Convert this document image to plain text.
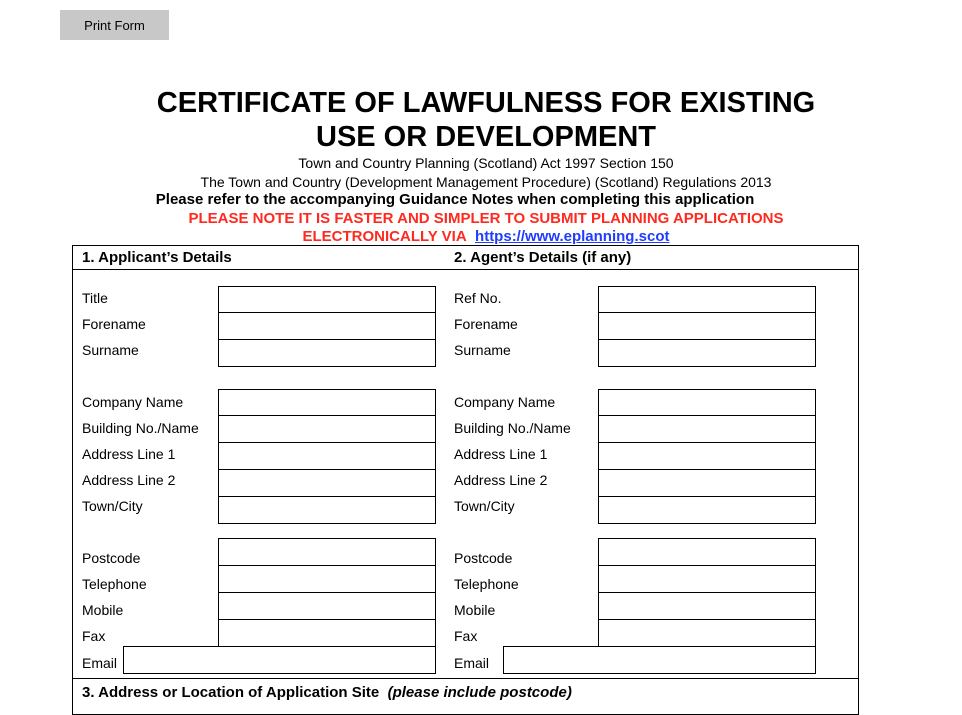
Print Form
CERTIFICATE OF LAWFULNESS FOR EXISTING
USE OR DEVELOPMENT
Town and Country Planning (Scotland) Act 1997 Section 150
The Town and Country (Development Management Procedure) (Scotland) Regulations 2013
Please refer to the accompanying Guidance Notes when completing this application
PLEASE NOTE IT IS FASTER AND SIMPLER TO SUBMIT PLANNING APPLICATIONS
ELECTRONICALLY VIA https://www.eplanning.scot
1. Applicant’s Details	2. Agent’s Details (if any)
3. Address or Location of Application Site (please include postcode)
Title
Forename
Surname
Company Name
Building No./Name
Address Line 1
Address Line 2
Town/City
Postcode
Telephone
Mobile
Fax
Email
Ref No.
Forename
Surname
Company Name
Building No./Name
Address Line 1
Address Line 2
Town/City
Postcode
Telephone
Mobile
Fax
Email
